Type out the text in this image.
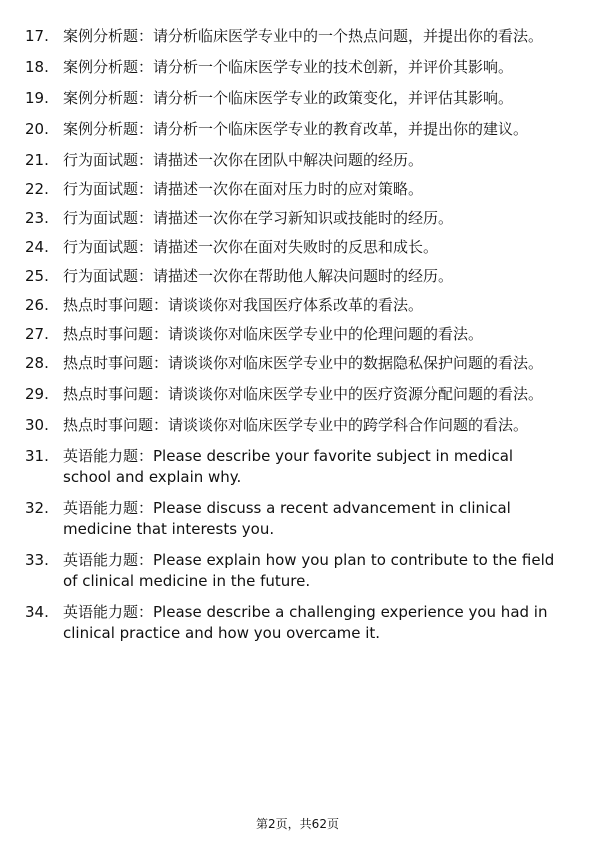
17. 案例分析题：请分析临床医学专业中的一个热点问题，并提出你的看法。
18. 案例分析题：请分析一个临床医学专业的技术创新，并评价其影响。
19. 案例分析题：请分析一个临床医学专业的政策变化，并评估其影响。
20. 案例分析题：请分析一个临床医学专业的教育改革，并提出你的建议。
21. 行为面试题：请描述一次你在团队中解决问题的经历。
22. 行为面试题：请描述一次你在面对压力时的应对策略。
23. 行为面试题：请描述一次你在学习新知识或技能时的经历。
24. 行为面试题：请描述一次你在面对失败时的反思和成长。
25. 行为面试题：请描述一次你在帮助他人解决问题时的经历。
26. 热点时事问题：请谈谈你对我国医疗体系改革的看法。
27. 热点时事问题：请谈谈你对临床医学专业中的伦理问题的看法。
28. 热点时事问题：请谈谈你对临床医学专业中的数据隐私保护问题的看法。
29. 热点时事问题：请谈谈你对临床医学专业中的医疗资源分配问题的看法。
30. 热点时事问题：请谈谈你对临床医学专业中的跨学科合作问题的看法。
31. 英语能力题：Please describe your favorite subject in medical school and explain why.
32. 英语能力题：Please discuss a recent advancement in clinical medicine that interests you.
33. 英语能力题：Please explain how you plan to contribute to the field of clinical medicine in the future.
34. 英语能力题：Please describe a challenging experience you had in clinical practice and how you overcame it.
第2页，共62页
